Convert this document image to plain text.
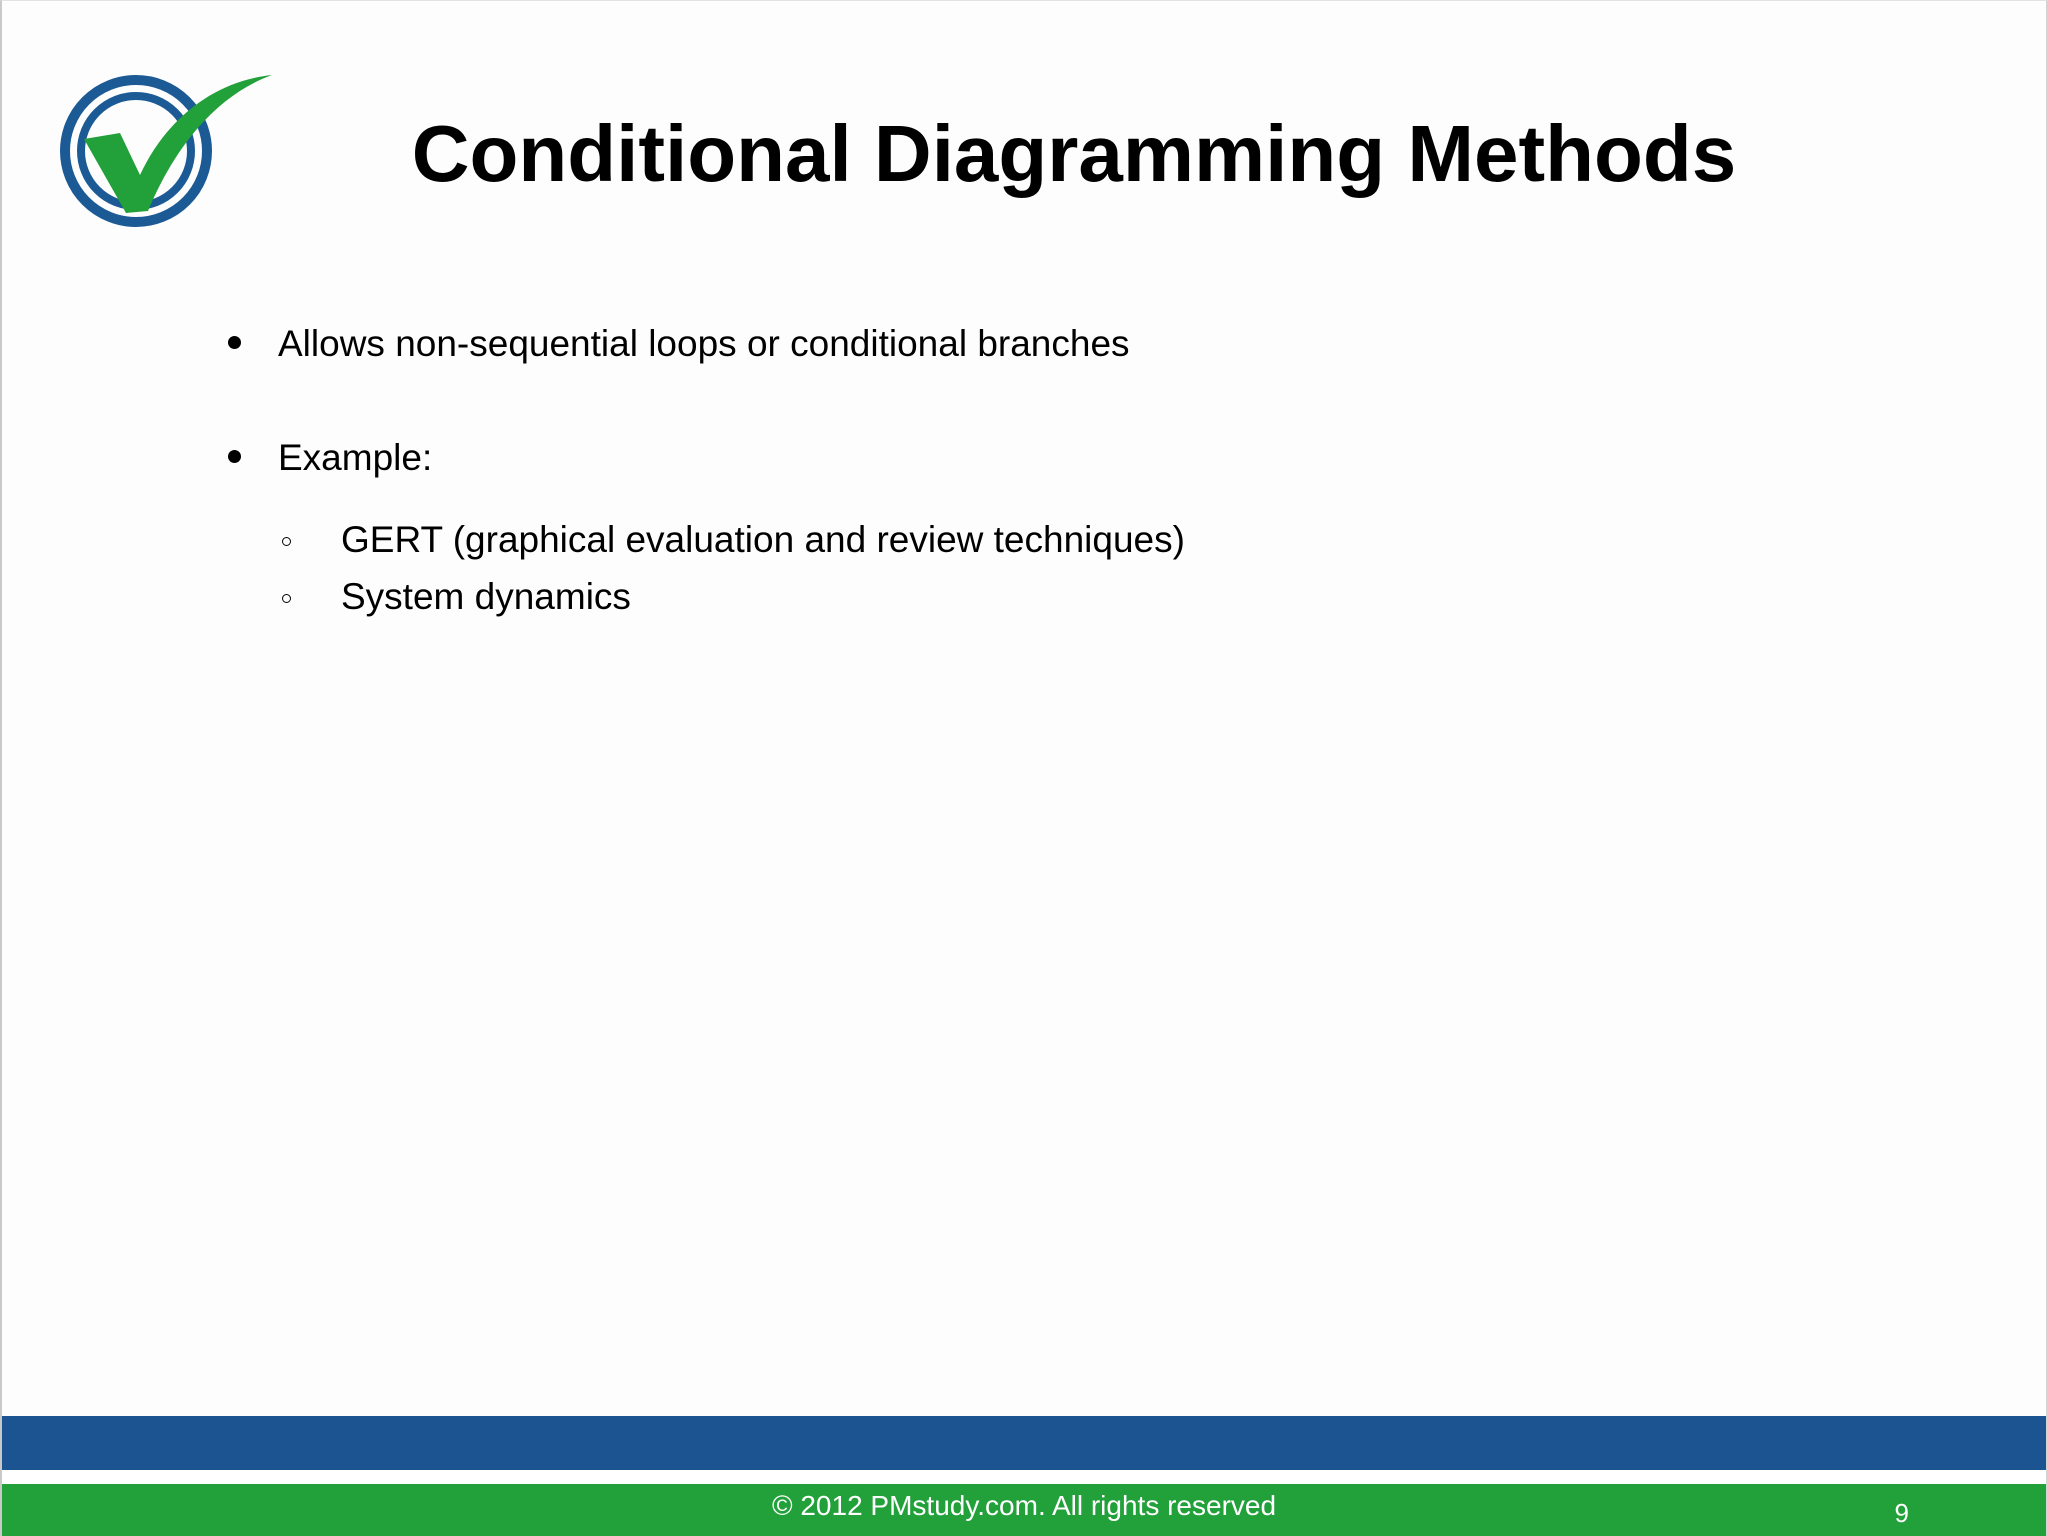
Conditional Diagramming Methods
Allows non-sequential loops or conditional branches
Example:
GERT (graphical evaluation and review techniques)
System dynamics
© 2012 PMstudy.com. All rights reserved	9
